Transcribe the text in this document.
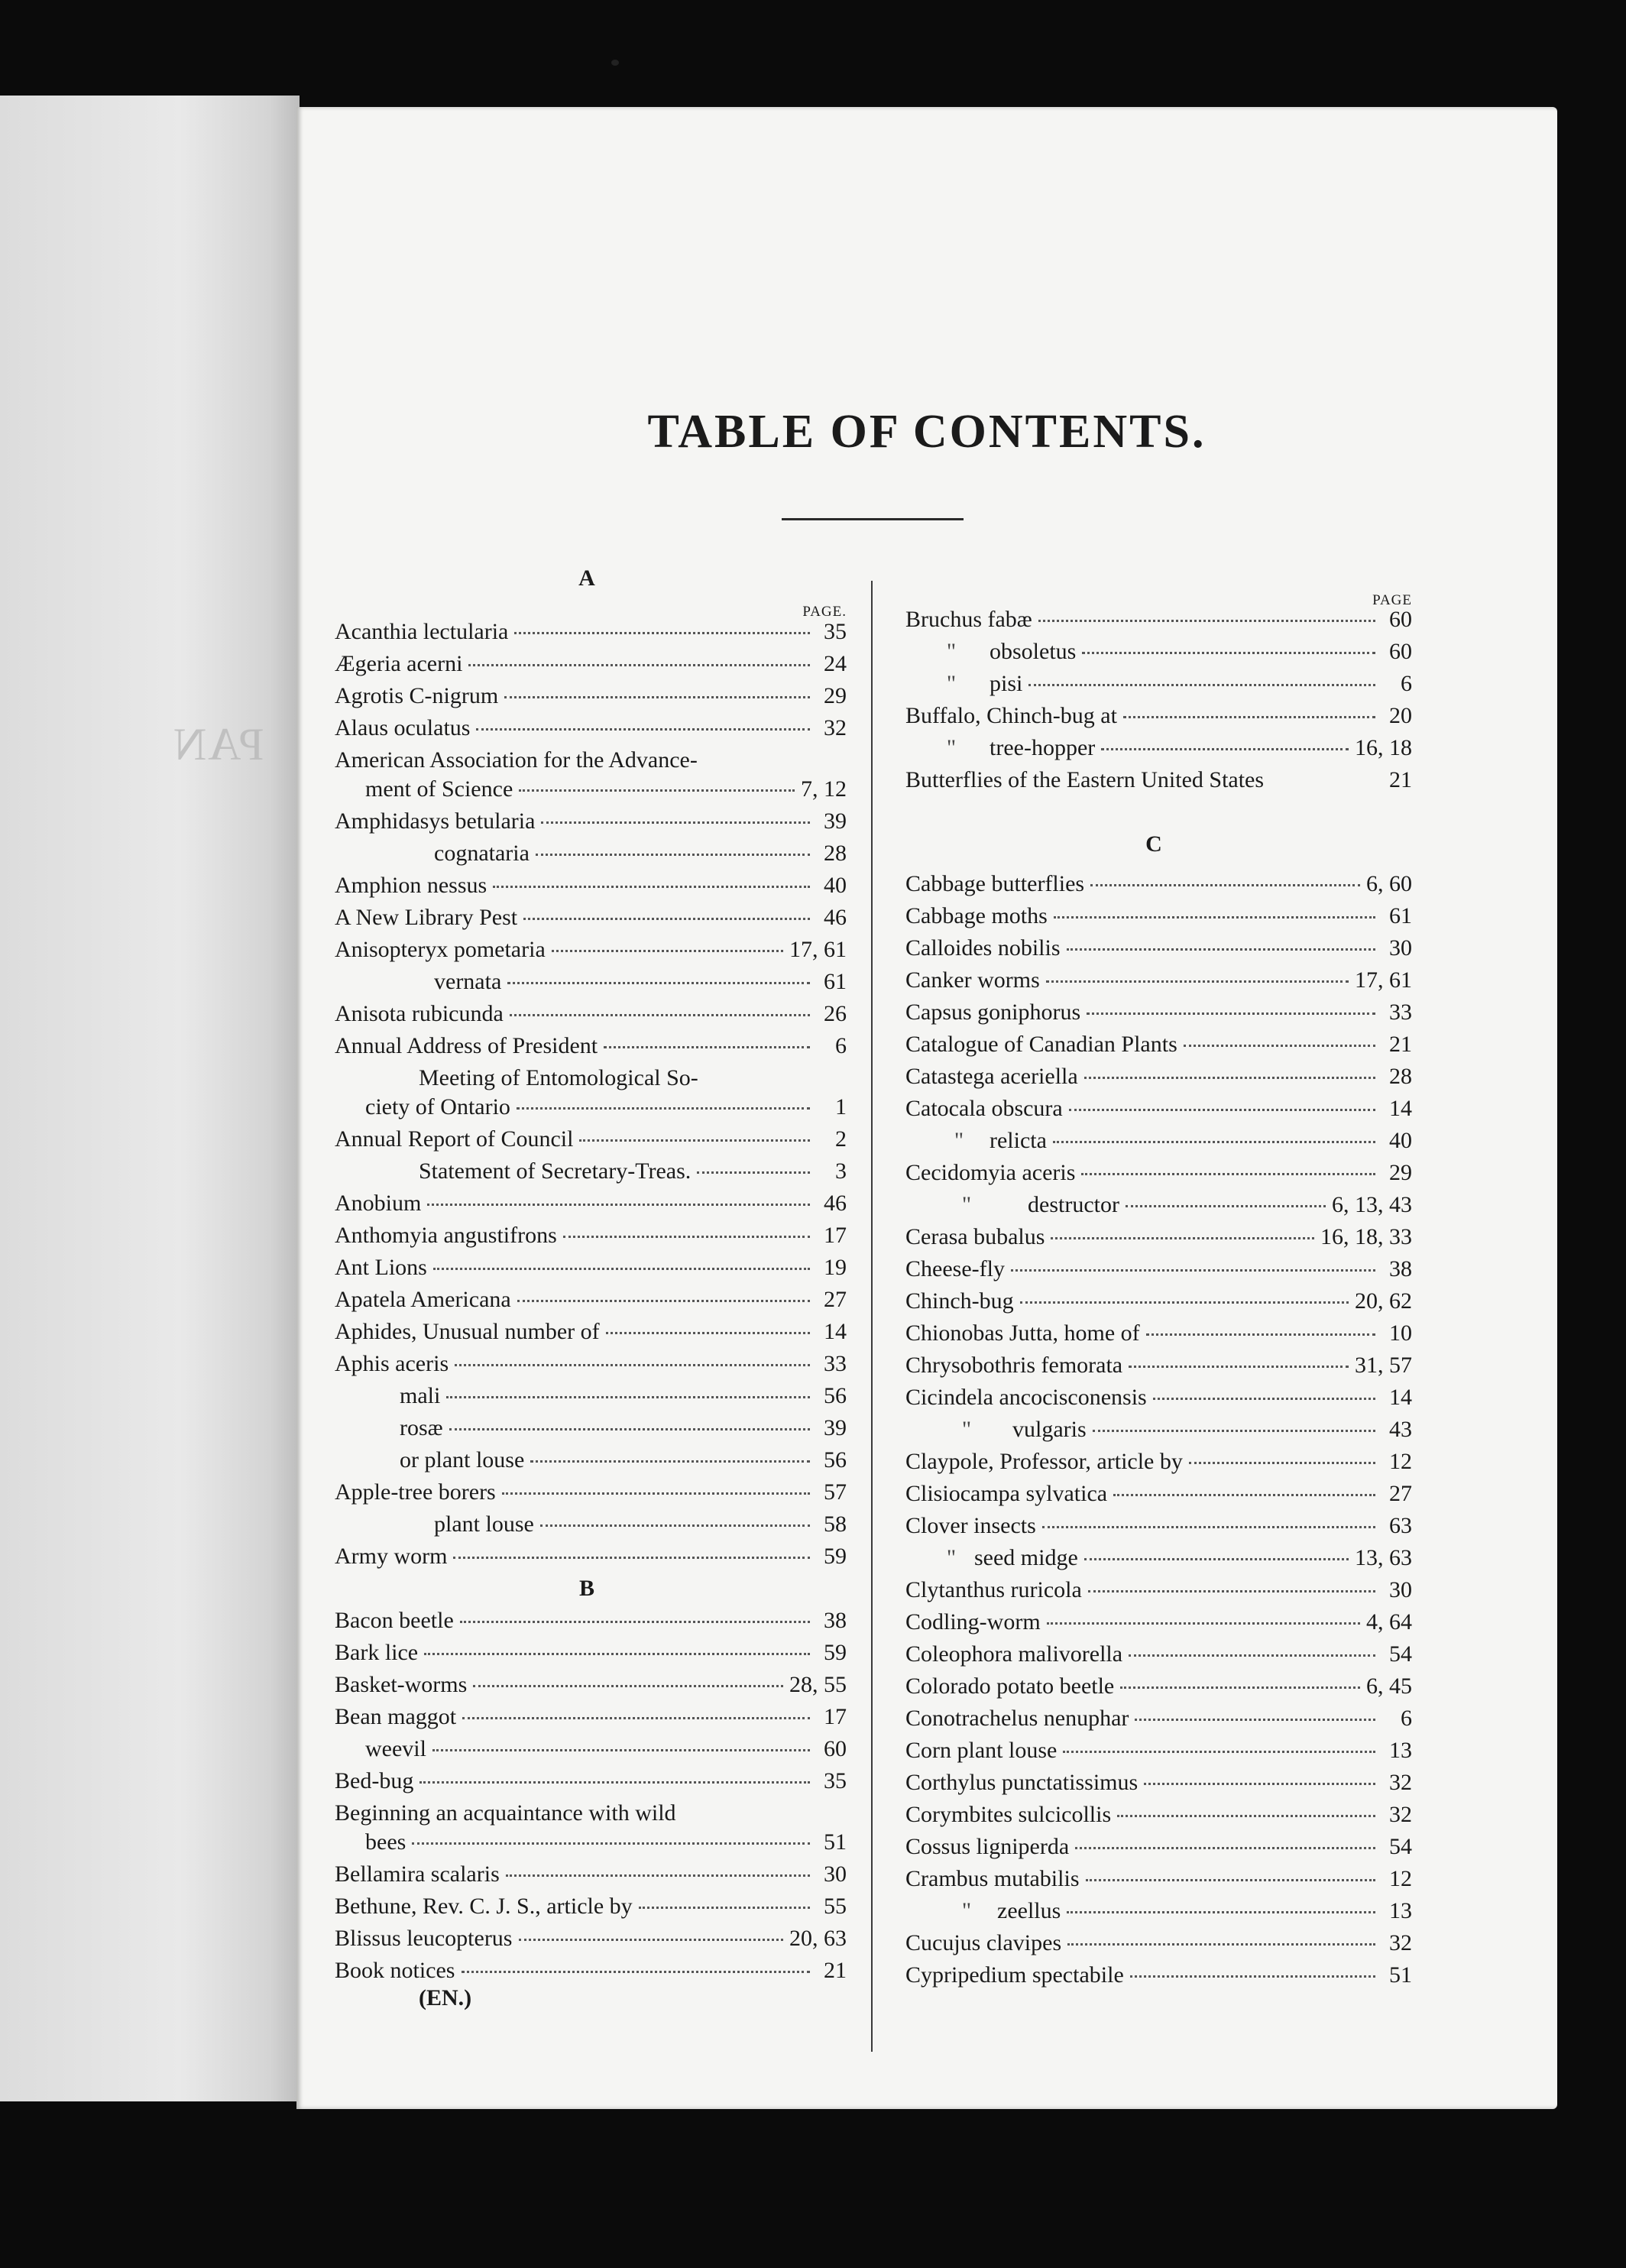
PAN
TABLE OF CONTENTS.
A
PAGE.
Acanthia lectularia	35
Ægeria acerni	24
Agrotis C-nigrum	29
Alaus oculatus	32
American Association for the Advance-
ment of Science	7, 12
Amphidasys betularia	39
cognataria	28
Amphion nessus	40
A New Library Pest	46
Anisopteryx pometaria	17, 61
vernata	61
Anisota rubicunda	26
Annual Address of President	6
Meeting of Entomological So-
ciety of Ontario	1
Annual Report of Council	2
Statement of Secretary-Treas.	3
Anobium	46
Anthomyia angustifrons	17
Ant Lions	19
Apatela Americana	27
Aphides, Unusual number of	14
Aphis aceris	33
mali	56
rosæ	39
or plant louse	56
Apple-tree borers	57
plant louse	58
Army worm	59
B
Bacon beetle	38
Bark lice	59
Basket-worms	28, 55
Bean maggot	17
weevil	60
Bed-bug	35
Beginning an acquaintance with wild
bees	51
Bellamira scalaris	30
Bethune, Rev. C. J. S., article by	55
Blissus leucopterus	20, 63
Book notices	21
PAGE
Bruchus fabæ	60
"	obsoletus	60
"	pisi	6
Buffalo, Chinch-bug at	20
"	tree-hopper	16, 18
Butterflies of the Eastern United States	21
C
Cabbage butterflies	6, 60
Cabbage moths	61
Calloides nobilis	30
Canker worms	17, 61
Capsus goniphorus	33
Catalogue of Canadian Plants	21
Catastega aceriella	28
Catocala obscura	14
"	relicta	40
Cecidomyia aceris	29
"	destructor	6, 13, 43
Cerasa bubalus	16, 18, 33
Cheese-fly	38
Chinch-bug	20, 62
Chionobas Jutta, home of	10
Chrysobothris femorata	31, 57
Cicindela ancocisconensis	14
"	vulgaris	43
Claypole, Professor, article by	12
Clisiocampa sylvatica	27
Clover insects	63
" seed midge	13, 63
Clytanthus ruricola	30
Codling-worm	4, 64
Coleophora malivorella	54
Colorado potato beetle	6, 45
Conotrachelus nenuphar	6
Corn plant louse	13
Corthylus punctatissimus	32
Corymbites sulcicollis	32
Cossus ligniperda	54
Crambus mutabilis	12
"	zeellus	13
Cucujus clavipes	32
Cypripedium spectabile	51
(EN.)
